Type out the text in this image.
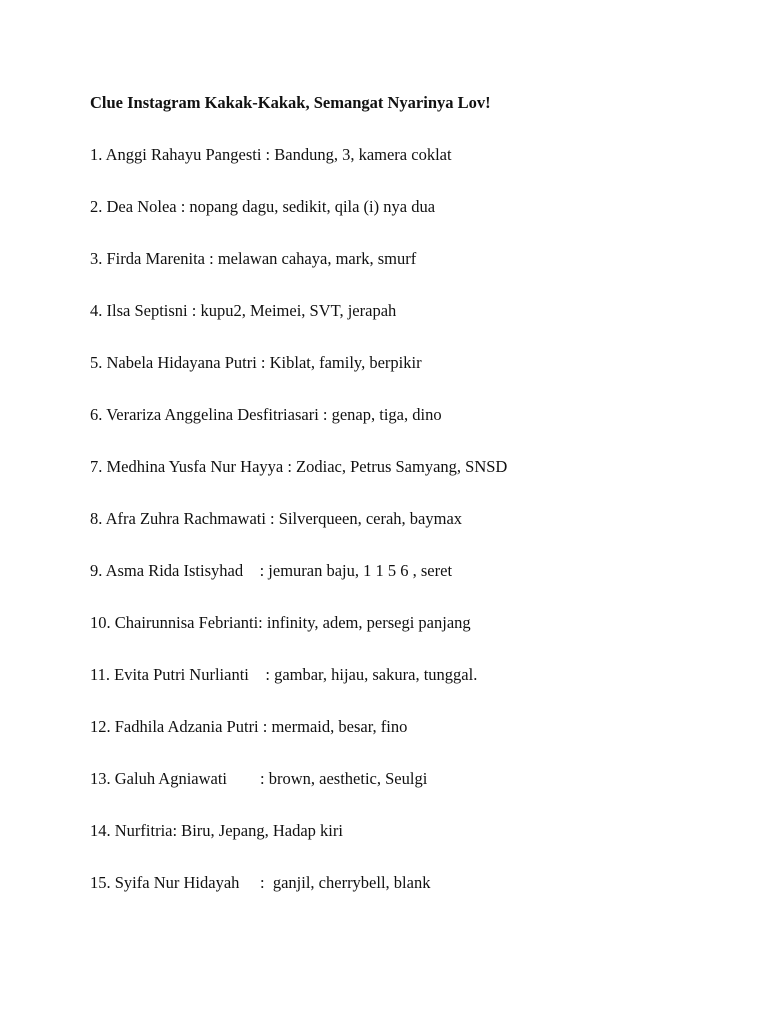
Clue Instagram Kakak-Kakak, Semangat Nyarinya Lov!
1. Anggi Rahayu Pangesti : Bandung, 3, kamera coklat
2. Dea Nolea : nopang dagu, sedikit, qila (i) nya dua
3. Firda Marenita : melawan cahaya, mark, smurf
4. Ilsa Septisni : kupu2, Meimei, SVT, jerapah
5. Nabela Hidayana Putri : Kiblat, family, berpikir
6. Verariza Anggelina Desfitriasari : genap, tiga, dino
7. Medhina Yusfa Nur Hayya : Zodiac, Petrus Samyang, SNSD
8. Afra Zuhra Rachmawati : Silverqueen, cerah, baymax
9. Asma Rida Istisyhad    : jemuran baju, 1 1 5 6 , seret
10. Chairunnisa Febrianti: infinity, adem, persegi panjang
11. Evita Putri Nurlianti    : gambar, hijau, sakura, tunggal.
12. Fadhila Adzania Putri : mermaid, besar, fino
13. Galuh Agniawati        : brown, aesthetic, Seulgi
14. Nurfitria: Biru, Jepang, Hadap kiri
15. Syifa Nur Hidayah     :  ganjil, cherrybell, blank
